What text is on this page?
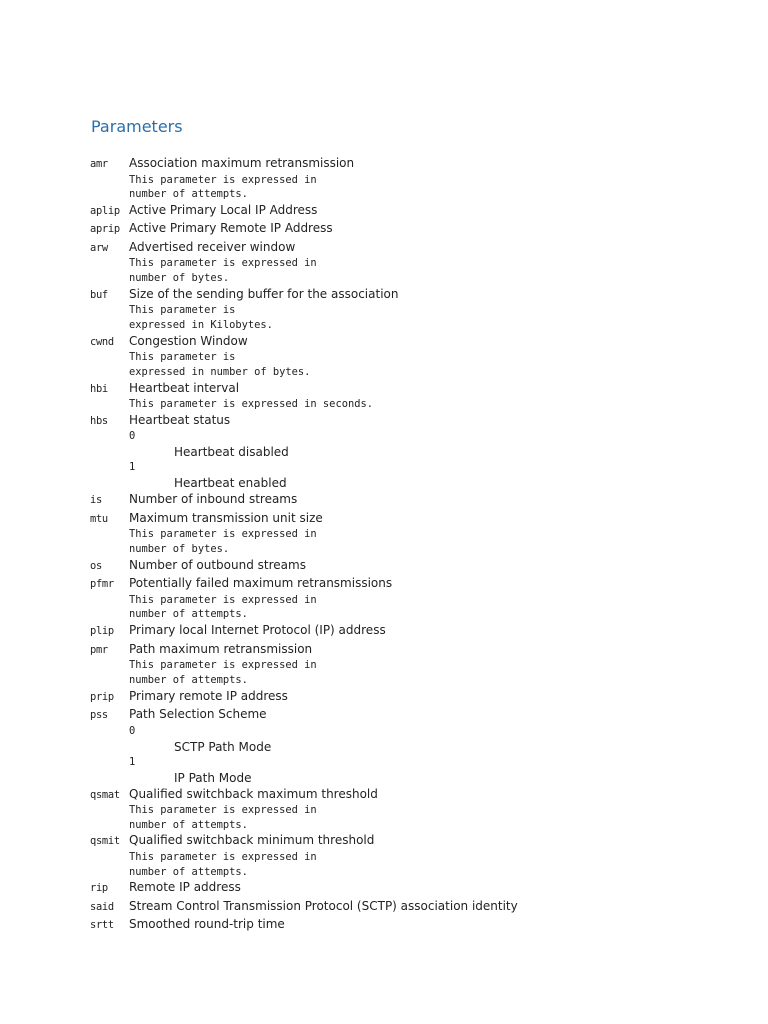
Parameters
amr	Association maximum retransmission
This parameter is expressed in
number of attempts.
aplip Active Primary Local IP Address
aprip Active Primary Remote IP Address
arw	Advertised receiver window
This parameter is expressed in
number of bytes.
buf	Size of the sending buffer for the association
This parameter is
expressed in Kilobytes.
cwnd	Congestion Window
This parameter is
expressed in number of bytes.
hbi	Heartbeat interval
This parameter is expressed in seconds.
hbs	Heartbeat status
0
Heartbeat disabled
1
Heartbeat enabled
is	Number of inbound streams
mtu	Maximum transmission unit size
This parameter is expressed in
number of bytes.
os	Number of outbound streams
pfmr	Potentially failed maximum retransmissions
This parameter is expressed in
number of attempts.
plip	Primary local Internet Protocol (IP) address
pmr	Path maximum retransmission
This parameter is expressed in
number of attempts.
prip	Primary remote IP address
pss	Path Selection Scheme
0
SCTP Path Mode
1
IP Path Mode
qsmat Qualified switchback maximum threshold
This parameter is expressed in
number of attempts.
qsmit Qualified switchback minimum threshold
This parameter is expressed in
number of attempts.
rip	Remote IP address
said	Stream Control Transmission Protocol (SCTP) association identity
srtt	Smoothed round-trip time
